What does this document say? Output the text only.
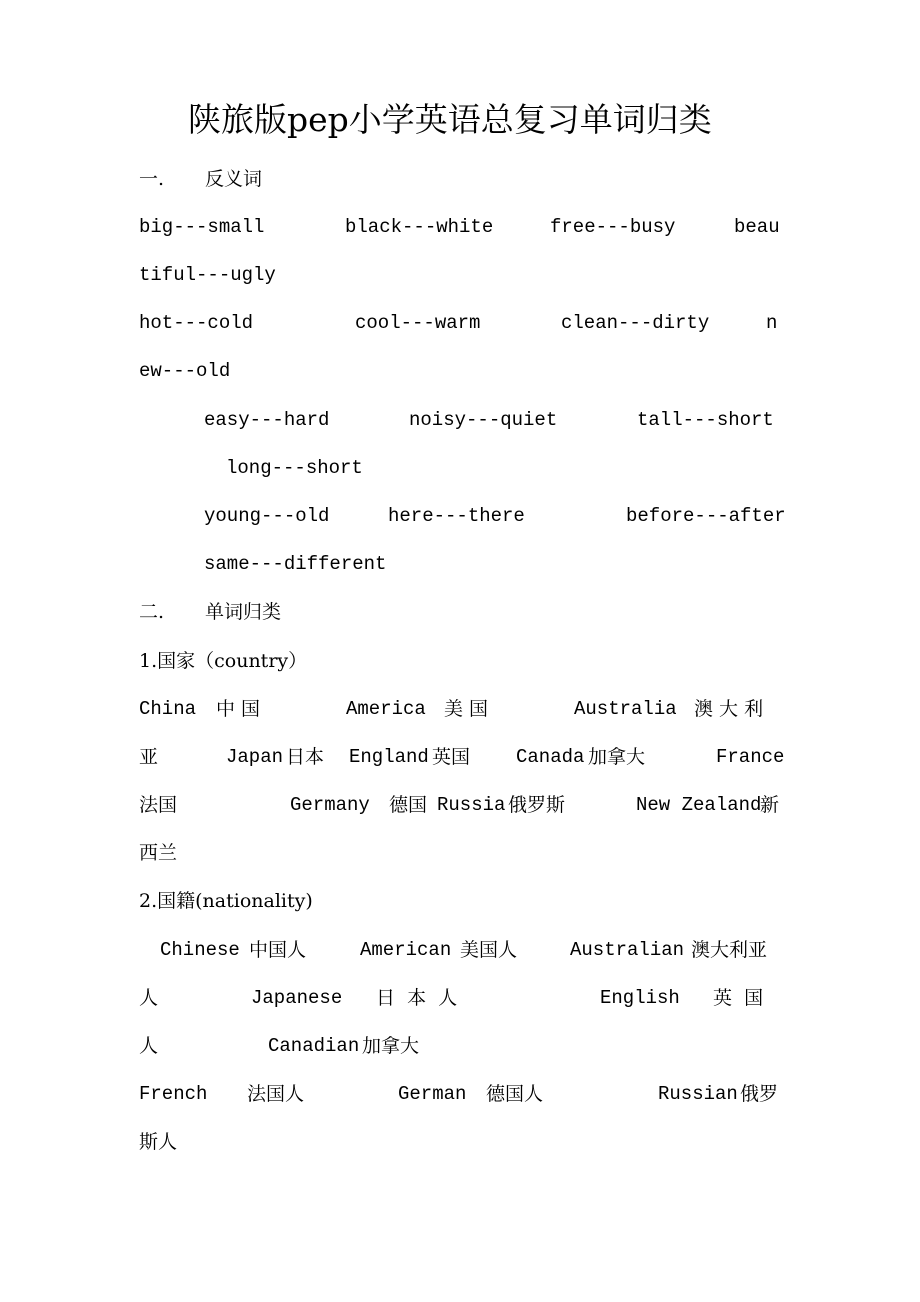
陕旅版pep小学英语总复习单词归类
一. 反义词
big---small	black---white	free---busy	beau
tiful---ugly
hot---cold	cool---warm	clean---dirty	n
ew---old
easy---hard	noisy---quiet	tall---short
long---short
young---old	here---there	before---after
same---different
二. 单词归类
1.国家（country）
China 中 国	America 美 国	Australia 澳 大 利
亚	Japan 日本 England 英国 Canada 加拿大	France
法国	Germany 德国 Russia 俄罗斯	New Zealand
新
西兰
2.国籍(nationality)
Chinese 中国人	American 美国人	Australian 澳大利亚
人	Japanese 日  本  人	English 英  国
人	Canadian 加拿大
French 法国人	German 德国人	Russian 俄罗
斯人
